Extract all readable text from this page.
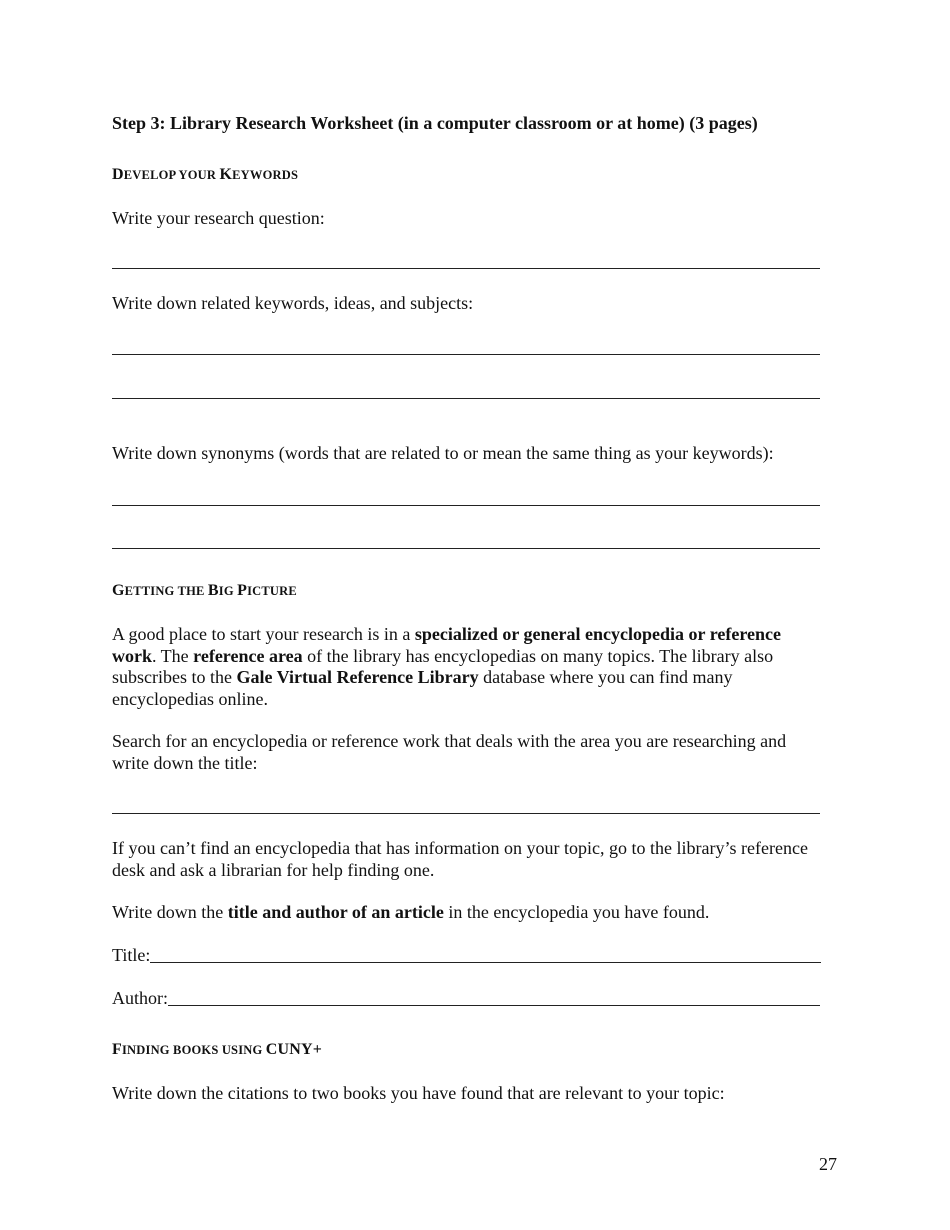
Step 3: Library Research Worksheet (in a computer classroom or at home) (3 pages)
DEVELOP YOUR KEYWORDS
Write your research question:
Write down related keywords, ideas, and subjects:
Write down synonyms (words that are related to or mean the same thing as your keywords):
GETTING THE BIG PICTURE
A good place to start your research is in a specialized or general encyclopedia or reference work. The reference area of the library has encyclopedias on many topics. The library also subscribes to the Gale Virtual Reference Library database where you can find many encyclopedias online.
Search for an encyclopedia or reference work that deals with the area you are researching and write down the title:
If you can’t find an encyclopedia that has information on your topic, go to the library’s reference desk and ask a librarian for help finding one.
Write down the title and author of an article in the encyclopedia you have found.
Title:
Author:
FINDING BOOKS USING CUNY+
Write down the citations to two books you have found that are relevant to your topic:
27
